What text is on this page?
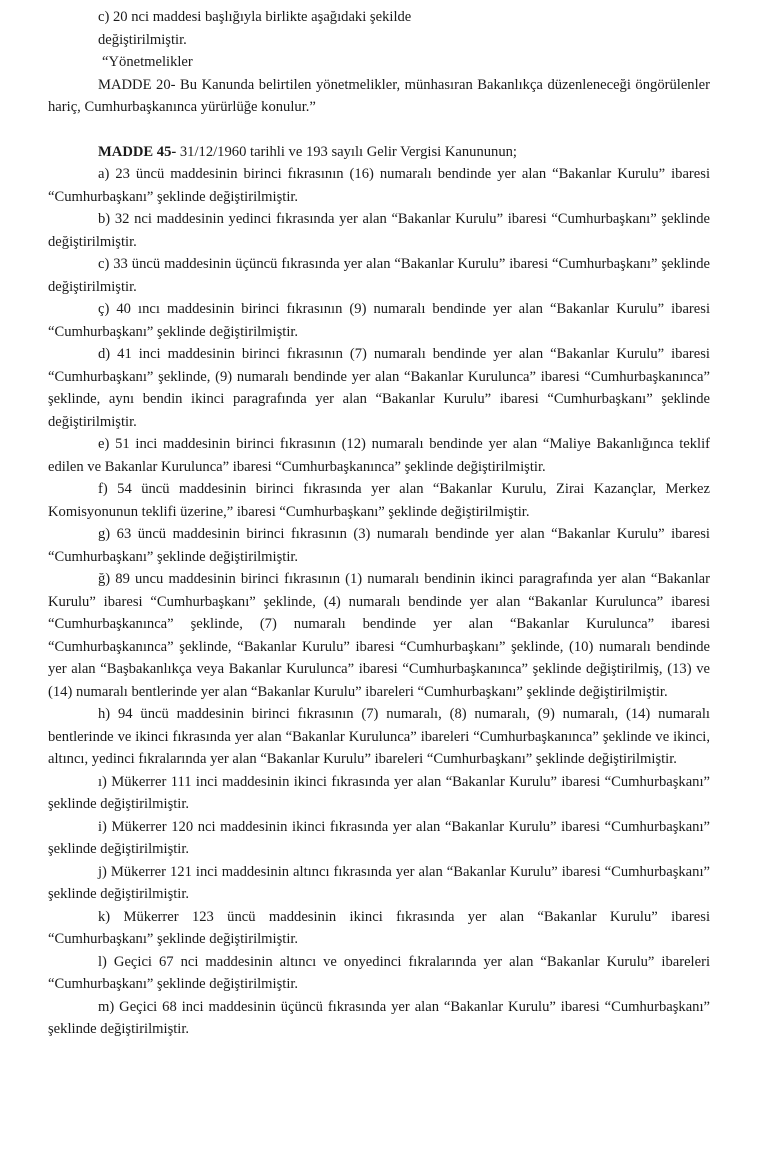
c) 20 nci maddesi başlığıyla birlikte aşağıdaki şekilde

değiştirilmiştir.

“Yönetmelikler

MADDE 20- Bu Kanunda belirtilen yönetmelikler, münhasıran Bakanlıkça düzenleneceği öngörülenler hariç, Cumhurbaşkanınca yürürlüğe konulur.”

MADDE 45- 31/12/1960 tarihli ve 193 sayılı Gelir Vergisi Kanununun;

a) 23 üncü maddesinin birinci fıkrasının (16) numaralı bendinde yer alan “Bakanlar Kurulu” ibaresi “Cumhurbaşkanı” şeklinde değiştirilmiştir.

b) 32 nci maddesinin yedinci fıkrasında yer alan “Bakanlar Kurulu” ibaresi “Cumhurbaşkanı” şeklinde değiştirilmiştir.

c) 33 üncü maddesinin üçüncü fıkrasında yer alan “Bakanlar Kurulu” ibaresi “Cumhurbaşkanı” şeklinde değiştirilmiştir.

ç) 40 ıncı maddesinin birinci fıkrasının (9) numaralı bendinde yer alan “Bakanlar Kurulu” ibaresi “Cumhurbaşkanı” şeklinde değiştirilmiştir.

d) 41 inci maddesinin birinci fıkrasının (7) numaralı bendinde yer alan “Bakanlar Kurulu” ibaresi “Cumhurbaşkanı” şeklinde, (9) numaralı bendinde yer alan “Bakanlar Kurulunca” ibaresi “Cumhurbaşkanınca” şeklinde, aynı bendin ikinci paragrafında yer alan “Bakanlar Kurulu” ibaresi “Cumhurbaşkanı” şeklinde değiştirilmiştir.

e) 51 inci maddesinin birinci fıkrasının (12) numaralı bendinde yer alan “Maliye Bakanlığınca teklif edilen ve Bakanlar Kurulunca” ibaresi “Cumhurbaşkanınca” şeklinde değiştirilmiştir.

f) 54 üncü maddesinin birinci fıkrasında yer alan “Bakanlar Kurulu, Zirai Kazançlar, Merkez Komisyonunun teklifi üzerine,” ibaresi “Cumhurbaşkanı” şeklinde değiştirilmiştir.

g) 63 üncü maddesinin birinci fıkrasının (3) numaralı bendinde yer alan “Bakanlar Kurulu” ibaresi “Cumhurbaşkanı” şeklinde değiştirilmiştir.

ğ) 89 uncu maddesinin birinci fıkrasının (1) numaralı bendinin ikinci paragrafında yer alan “Bakanlar Kurulu” ibaresi “Cumhurbaşkanı” şeklinde, (4) numaralı bendinde yer alan “Bakanlar Kurulunca” ibaresi “Cumhurbaşkanınca” şeklinde, (7) numaralı bendinde yer alan “Bakanlar Kurulunca” ibaresi “Cumhurbaşkanınca” şeklinde, “Bakanlar Kurulu” ibaresi “Cumhurbaşkanı” şeklinde, (10) numaralı bendinde yer alan “Başbakanlıkça veya Bakanlar Kurulunca” ibaresi “Cumhurbaşkanınca” şeklinde değiştirilmiş, (13) ve (14) numaralı bentlerinde yer alan “Bakanlar Kurulu” ibareleri “Cumhurbaşkanı” şeklinde değiştirilmiştir.

h) 94 üncü maddesinin birinci fıkrasının (7) numaralı, (8) numaralı, (9) numaralı, (14) numaralı bentlerinde ve ikinci fıkrasında yer alan “Bakanlar Kurulunca” ibareleri “Cumhurbaşkanınca” şeklinde ve ikinci, altıncı, yedinci fıkralarında yer alan “Bakanlar Kurulu” ibareleri “Cumhurbaşkanı” şeklinde değiştirilmiştir.

ı) Mükerrer 111 inci maddesinin ikinci fıkrasında yer alan “Bakanlar Kurulu” ibaresi “Cumhurbaşkanı” şeklinde değiştirilmiştir.

i) Mükerrer 120 nci maddesinin ikinci fıkrasında yer alan “Bakanlar Kurulu” ibaresi “Cumhurbaşkanı” şeklinde değiştirilmiştir.

j) Mükerrer 121 inci maddesinin altıncı fıkrasında yer alan “Bakanlar Kurulu” ibaresi “Cumhurbaşkanı” şeklinde değiştirilmiştir.

k) Mükerrer 123 üncü maddesinin ikinci fıkrasında yer alan “Bakanlar Kurulu” ibaresi “Cumhurbaşkanı” şeklinde değiştirilmiştir.

l) Geçici 67 nci maddesinin altıncı ve onyedinci fıkralarında yer alan “Bakanlar Kurulu” ibareleri “Cumhurbaşkanı” şeklinde değiştirilmiştir.

m) Geçici 68 inci maddesinin üçüncü fıkrasında yer alan “Bakanlar Kurulu” ibaresi “Cumhurbaşkanı” şeklinde değiştirilmiştir.
